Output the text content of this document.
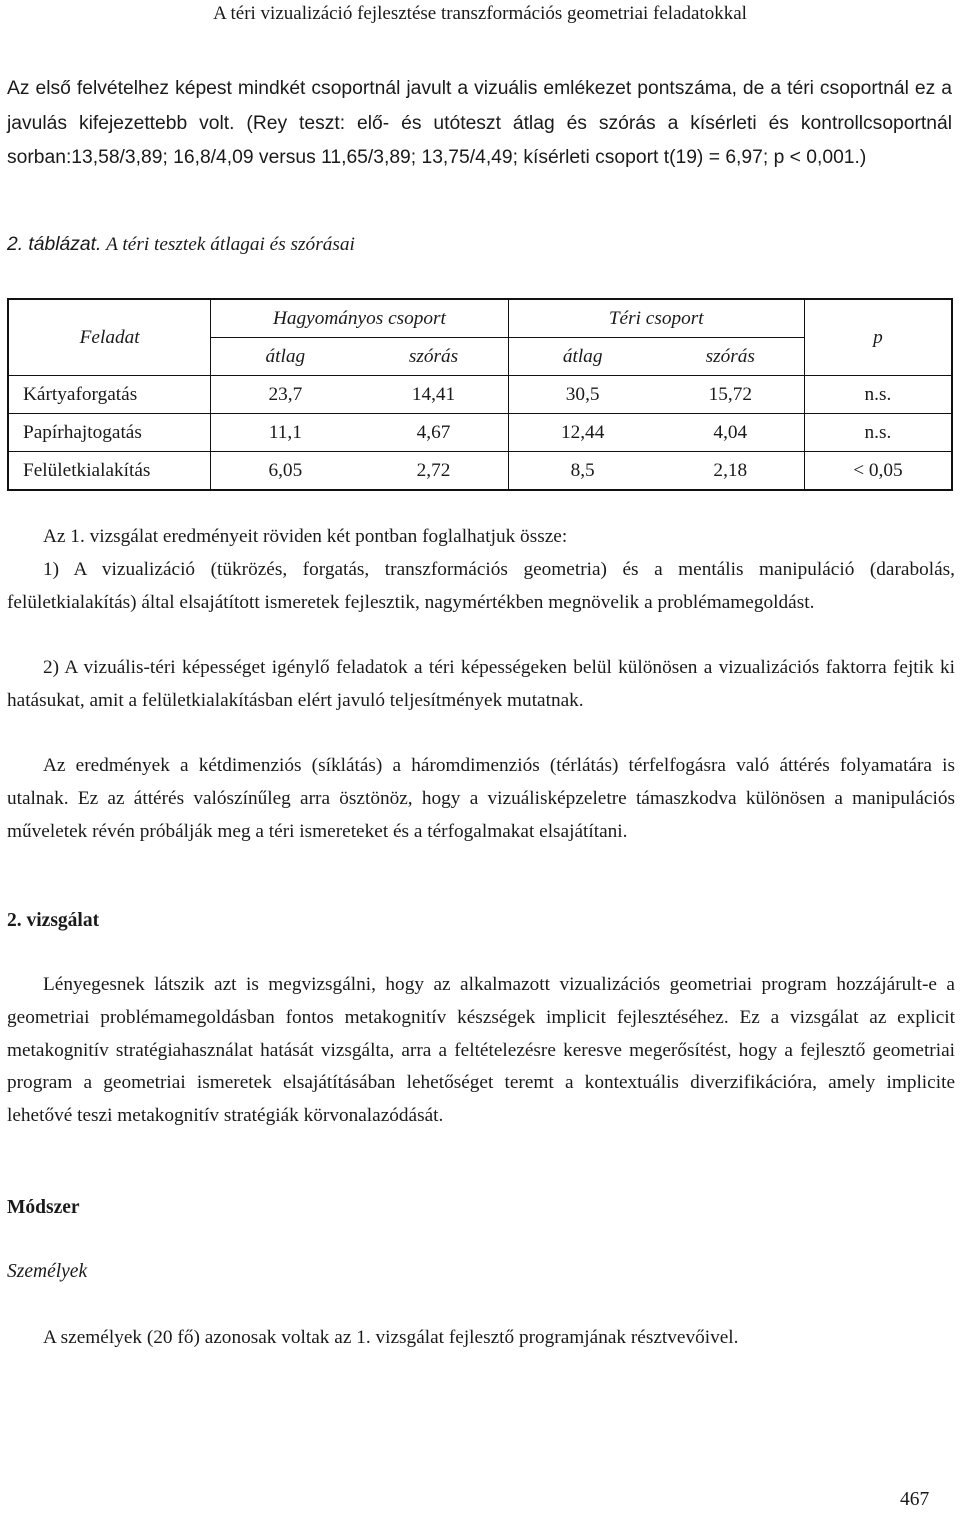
A téri vizualizáció fejlesztése transzformációs geometriai feladatokkal

Az első felvételhez képest mindkét csoportnál javult a vizuális emlékezet pontszáma, de a téri csoportnál ez a javulás kifejezettebb volt. (Rey teszt: elő- és utóteszt átlag és szórás a kísérleti és kontrollcsoportnál sorban:13,58/3,89; 16,8/4,09 versus 11,65/3,89; 13,75/4,49; kísérleti csoport t(19) = 6,97; p < 0,001.)

2. táblázat. A téri tesztek átlagai és szórásai

Feladat	Hagyományos csoport		Téri csoport		p
	átlag	szórás	átlag	szórás	
Kártyaforgatás	23,7	14,41	30,5	15,72	n.s.
Papírhajtogatás	11,1	4,67	12,44	4,04	n.s.
Felületkialakítás	6,05	2,72	8,5	2,18	< 0,05

Az 1. vizsgálat eredményeit röviden két pontban foglalhatjuk össze:

1) A vizualizáció (tükrözés, forgatás, transzformációs geometria) és a mentális manipuláció (darabolás, felületkialakítás) által elsajátított ismeretek fejlesztik, nagymértékben megnövelik a problémamegoldást.

2) A vizuális-téri képességet igénylő feladatok a téri képességeken belül különösen a vizualizációs faktorra fejtik ki hatásukat, amit a felületkialakításban elért javuló teljesítmények mutatnak.

Az eredmények a kétdimenziós (síklátás) a háromdimenziós (térlátás) térfelfogásra való áttérés folyamatára is utalnak. Ez az áttérés valószínűleg arra ösztönöz, hogy a vizuálisképzeletre támaszkodva különösen a manipulációs műveletek révén próbálják meg a téri ismereteket és a térfogalmakat elsajátítani.

2. vizsgálat

Lényegesnek látszik azt is megvizsgálni, hogy az alkalmazott vizualizációs geometriai program hozzájárult-e a geometriai problémamegoldásban fontos metakognitív készségek implicit fejlesztéséhez. Ez a vizsgálat az explicit metakognitív stratégiahasználat hatását vizsgálta, arra a feltételezésre keresve megerősítést, hogy a fejlesztő geometriai program a geometriai ismeretek elsajátításában lehetőséget teremt a kontextuális diverzifikációra, amely implicite lehetővé teszi metakognitív stratégiák körvonalazódását.

Módszer

Személyek

A személyek (20 fő) azonosak voltak az 1. vizsgálat fejlesztő programjának résztvevőivel.

467
